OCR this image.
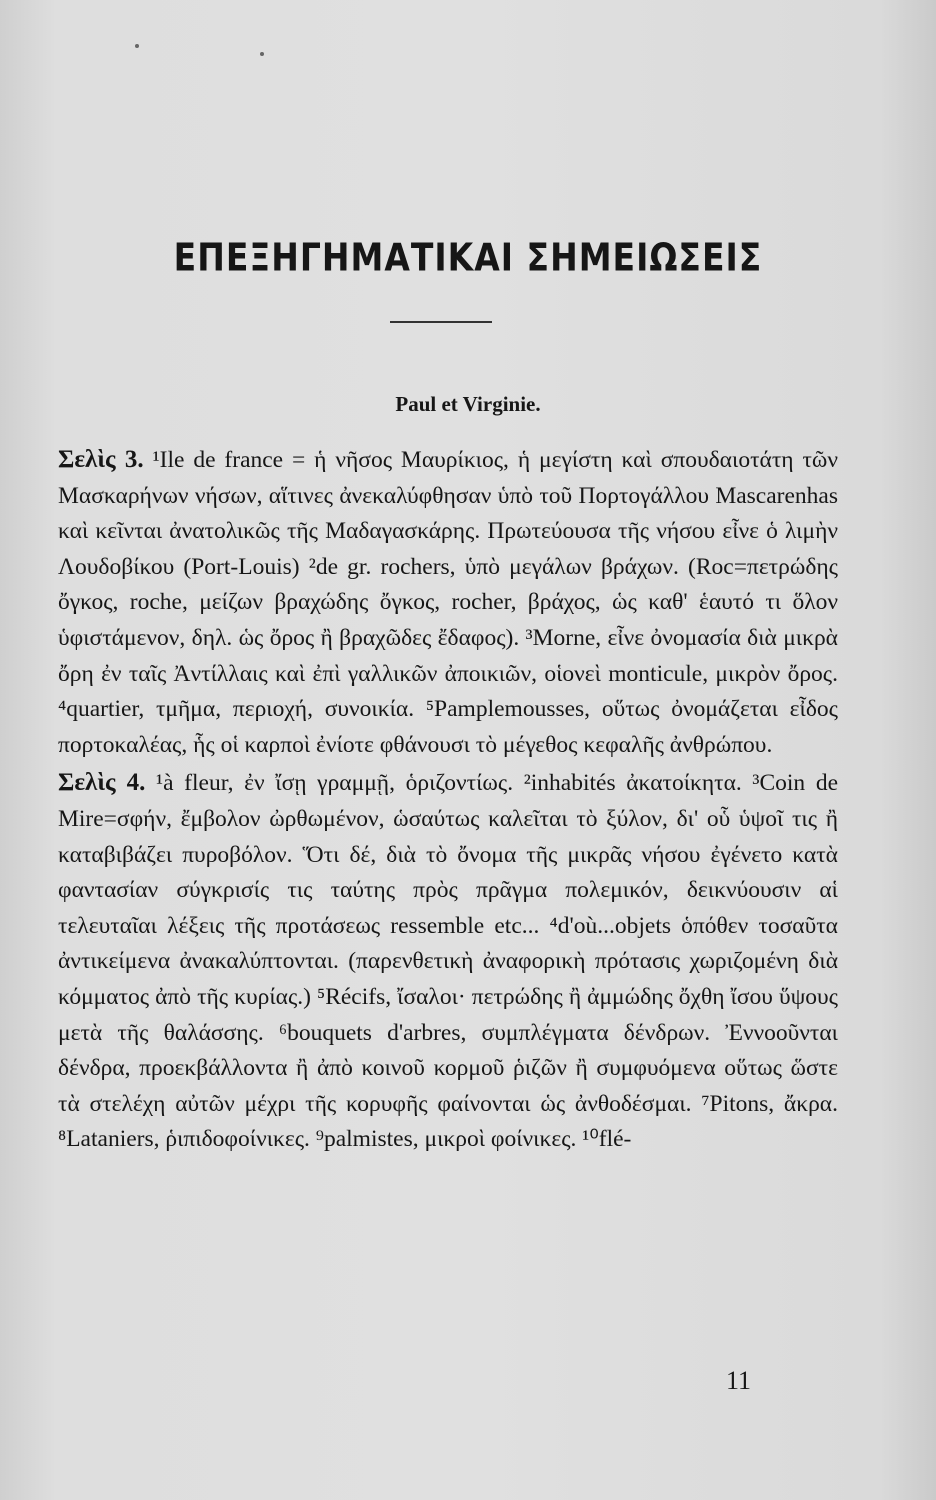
ΕΠΕΞΗΓΗΜΑΤΙΚΑΙ ΣΗΜΕΙΩΣΕΙΣ
Paul et Virginie.

Σελὶς 3. ¹Ile de france = ἡ νῆσος Μαυρίκιος, ἡ μεγίστη καὶ σπουδαιοτάτη τῶν Μασκαρήνων νήσων, αἵτινες ἀνεκαλύφθησαν ὑπὸ τοῦ Πορτογάλλου Mascarenhas καὶ κεῖνται ἀνατολικῶς τῆς Μαδαγασκάρης. Πρωτεύουσα τῆς νήσου εἶνε ὁ λιμὴν Λουδοβίκου (Port-Louis) ²de gr. rochers, ὑπὸ μεγάλων βράχων. (Roc=πετρώδης ὄγκος, roche, μείζων βραχώδης ὄγκος, rocher, βράχος, ὡς καθ' ἑαυτό τι ὅλον ὑφιστάμενον, δηλ. ὡς ὄρος ἢ βραχῶδες ἔδαφος). ³Morne, εἶνε ὀνομασία διὰ μικρὰ ὄρη ἐν ταῖς Ἀντίλλαις καὶ ἐπὶ γαλλικῶν ἀποικιῶν, οἱονεὶ monticule, μικρὸν ὄρος. ⁴quartier, τμῆμα, περιοχή, συνοικία. ⁵Pamplemousses, οὕτως ὀνομάζεται εἶδος πορτοκαλέας, ἧς οἱ καρποὶ ἐνίοτε φθάνουσι τὸ μέγεθος κεφαλῆς ἀνθρώπου.

Σελὶς 4. ¹à fleur, ἐν ἴσῃ γραμμῇ, ὁριζοντίως. ²inhabités ἀκατοίκητα. ³Coin de Mire=σφήν, ἔμβολον ὠρθωμένον, ὡσαύτως καλεῖται τὸ ξύλον, δι' οὗ ὑψοῖ τις ἢ καταβιβάζει πυροβόλον. Ὅτι δέ, διὰ τὸ ὄνομα τῆς μικρᾶς νήσου ἐγένετο κατὰ φαντασίαν σύγκρισίς τις ταύτης πρὸς πρᾶγμα πολεμικόν, δεικνύουσιν αἱ τελευταῖαι λέξεις τῆς προτάσεως ressemble etc... ⁴d'où...objets ὁπόθεν τοσαῦτα ἀντικείμενα ἀνακαλύπτονται. (παρενθετικὴ ἀναφορικὴ πρότασις χωριζομένη διὰ κόμματος ἀπὸ τῆς κυρίας.) ⁵Récifs, ἴσαλοι· πετρώδης ἢ ἀμμώδης ὄχθη ἴσου ὕψους μετὰ τῆς θαλάσσης. ⁶bouquets d'arbres, συμπλέγματα δένδρων. Ἐννοοῦνται δένδρα, προεκβάλλοντα ἢ ἀπὸ κοινοῦ κορμοῦ ῥιζῶν ἢ συμφυόμενα οὕτως ὥστε τὰ στελέχη αὐτῶν μέχρι τῆς κορυφῆς φαίνονται ὡς ἀνθοδέσμαι. ⁷Pitons, ἄκρα. ⁸Lataniers, ῥιπιδοφοίνικες. ⁹palmistes, μικροὶ φοίνικες. ¹⁰flé-

11
